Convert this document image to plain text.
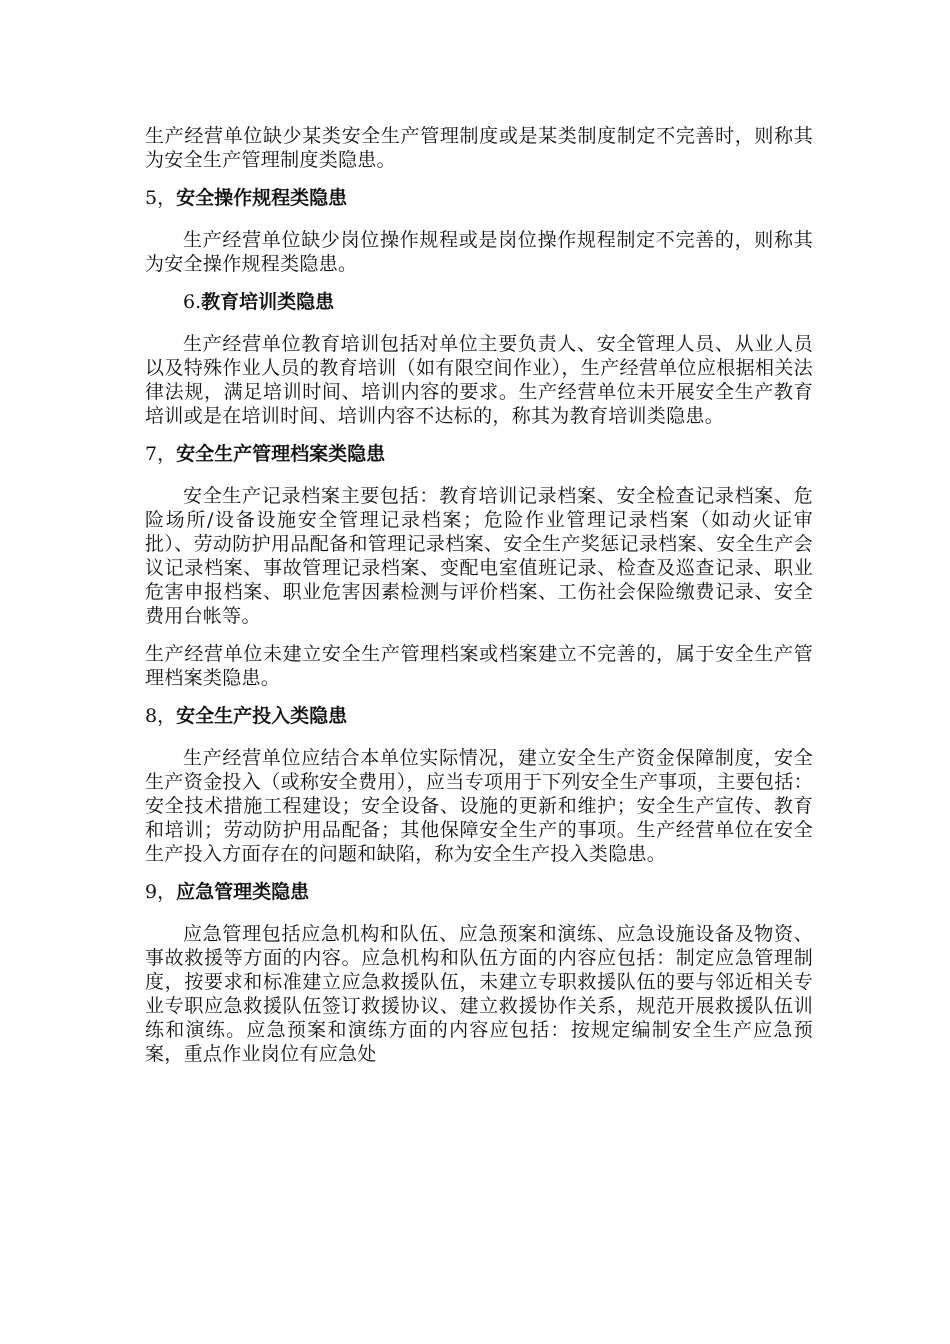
生产经营单位缺少某类安全生产管理制度或是某类制度制定不完善时，则称其为安全生产管理制度类隐患。

5，安全操作规程类隐患

生产经营单位缺少岗位操作规程或是岗位操作规程制定不完善的，则称其为安全操作规程类隐患。

6.教育培训类隐患

生产经营单位教育培训包括对单位主要负责人、安全管理人员、从业人员以及特殊作业人员的教育培训（如有限空间作业），生产经营单位应根据相关法律法规，满足培训时间、培训内容的要求。生产经营单位未开展安全生产教育培训或是在培训时间、培训内容不达标的，称其为教育培训类隐患。

7，安全生产管理档案类隐患

安全生产记录档案主要包括：教育培训记录档案、安全检查记录档案、危险场所/设备设施安全管理记录档案；危险作业管理记录档案（如动火证审批）、劳动防护用品配备和管理记录档案、安全生产奖惩记录档案、安全生产会议记录档案、事故管理记录档案、变配电室值班记录、检查及巡查记录、职业危害申报档案、职业危害因素检测与评价档案、工伤社会保险缴费记录、安全费用台帐等。

生产经营单位未建立安全生产管理档案或档案建立不完善的，属于安全生产管理档案类隐患。

8，安全生产投入类隐患

生产经营单位应结合本单位实际情况，建立安全生产资金保障制度，安全生产资金投入（或称安全费用），应当专项用于下列安全生产事项，主要包括：安全技术措施工程建设；安全设备、设施的更新和维护；安全生产宣传、教育和培训；劳动防护用品配备；其他保障安全生产的事项。生产经营单位在安全生产投入方面存在的问题和缺陷，称为安全生产投入类隐患。

9，应急管理类隐患

应急管理包括应急机构和队伍、应急预案和演练、应急设施设备及物资、事故救援等方面的内容。应急机构和队伍方面的内容应包括：制定应急管理制度，按要求和标准建立应急救援队伍，未建立专职救援队伍的要与邻近相关专业专职应急救援队伍签订救援协议、建立救援协作关系，规范开展救援队伍训练和演练。应急预案和演练方面的内容应包括：按规定编制安全生产应急预案，重点作业岗位有应急处
